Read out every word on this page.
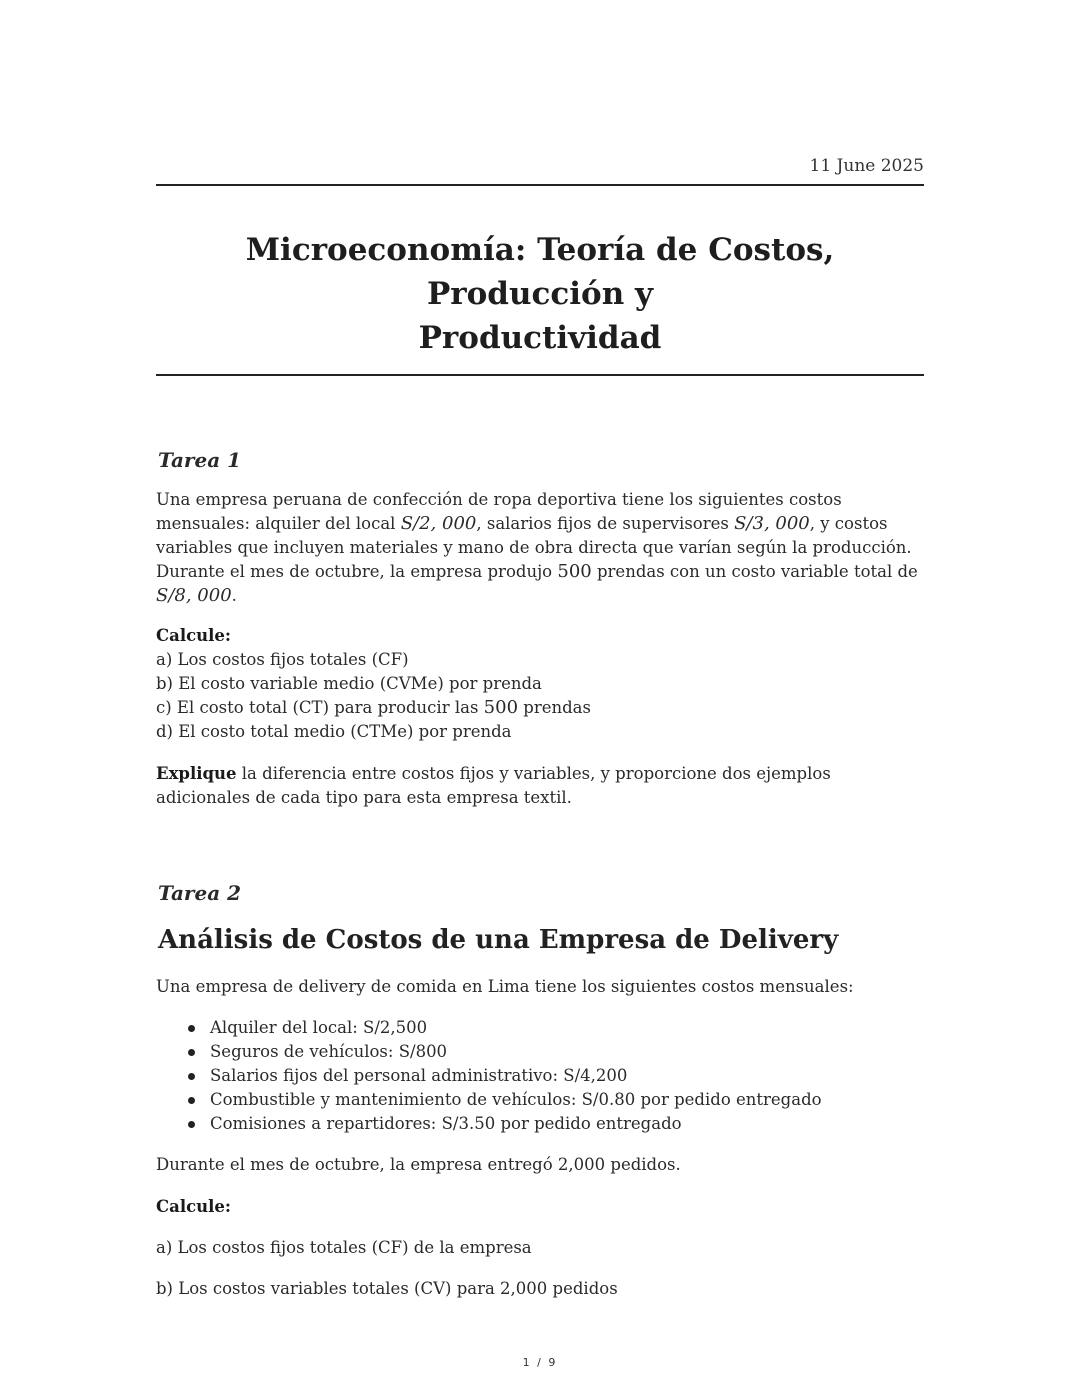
11 June 2025
Microeconomía: Teoría de Costos, Producción y
Productividad
Tarea 1
Una empresa peruana de confección de ropa deportiva tiene los siguientes costos mensuales: alquiler del local S/2, 000, salarios fijos de supervisores S/3, 000, y costos variables que incluyen materiales y mano de obra directa que varían según la producción. Durante el mes de octubre, la empresa produjo 500 prendas con un costo variable total de S/8, 000.
Calcule:
a) Los costos fijos totales (CF)
b) El costo variable medio (CVMe) por prenda
c) El costo total (CT) para producir las 500 prendas
d) El costo total medio (CTMe) por prenda
Explique la diferencia entre costos fijos y variables, y proporcione dos ejemplos adicionales de cada tipo para esta empresa textil.
Tarea 2
Análisis de Costos de una Empresa de Delivery
Una empresa de delivery de comida en Lima tiene los siguientes costos mensuales:
Alquiler del local: S/2,500
Seguros de vehículos: S/800
Salarios fijos del personal administrativo: S/4,200
Combustible y mantenimiento de vehículos: S/0.80 por pedido entregado
Comisiones a repartidores: S/3.50 por pedido entregado
Durante el mes de octubre, la empresa entregó 2,000 pedidos.
Calcule:
a) Los costos fijos totales (CF) de la empresa
b) Los costos variables totales (CV) para 2,000 pedidos
1 / 9
